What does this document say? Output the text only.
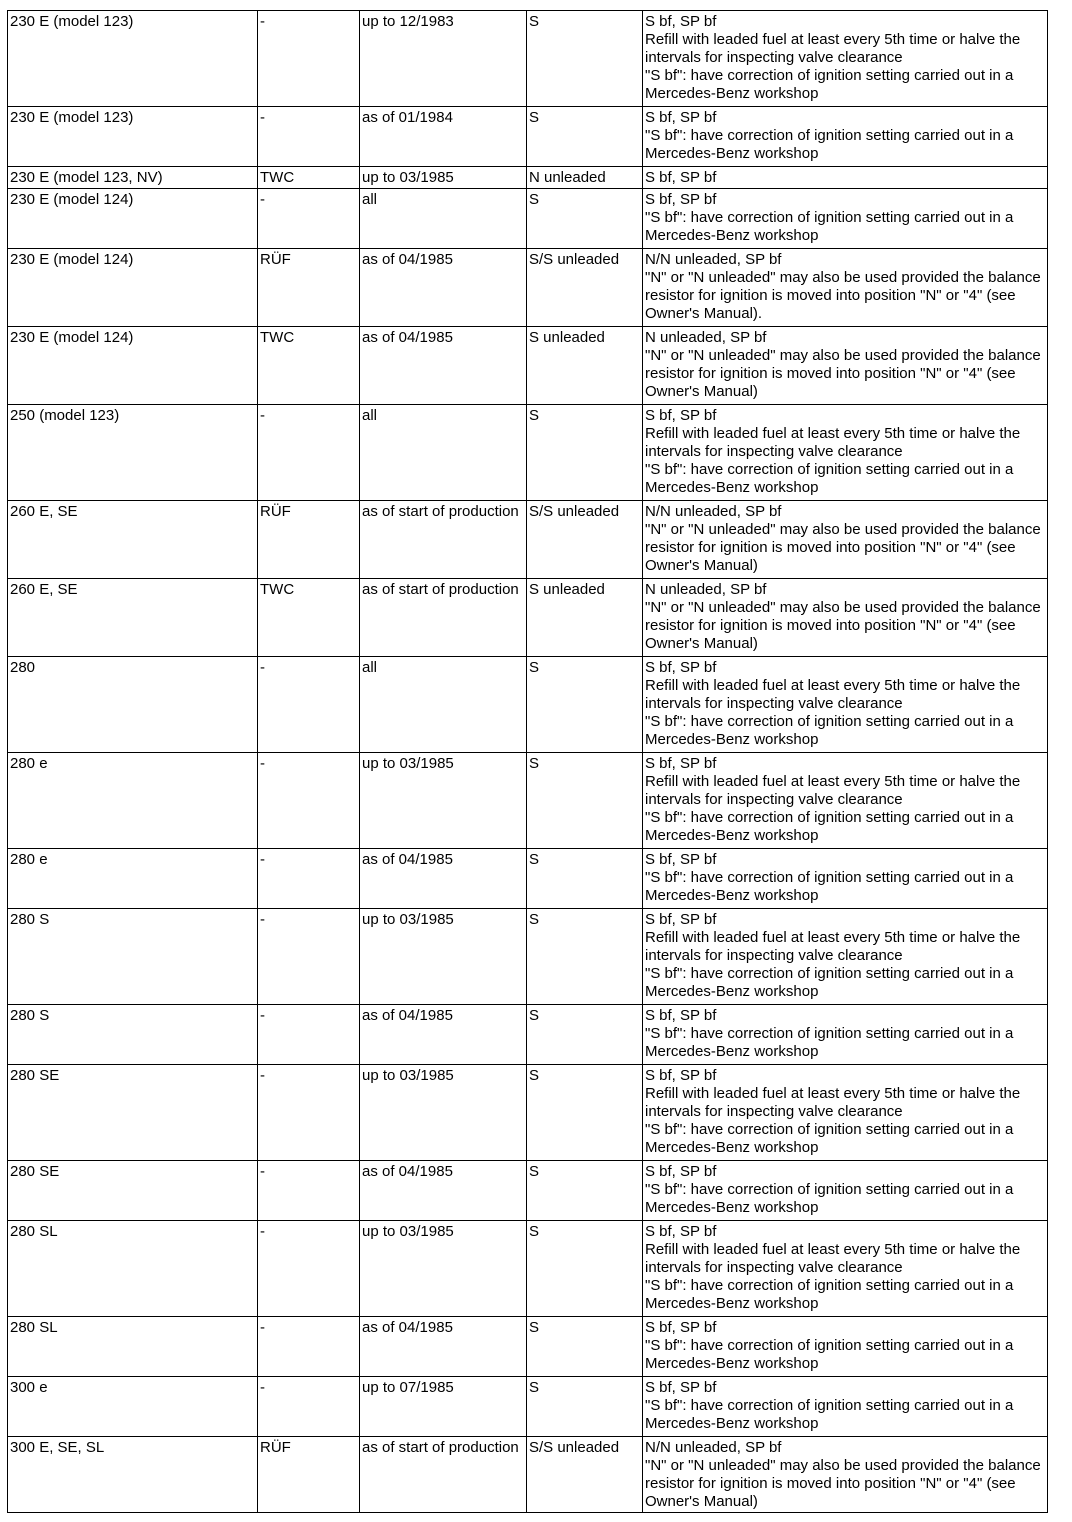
230 E (model 123)	-	up to 12/1983	S	S bf, SP bf
Refill with leaded fuel at least every 5th time or halve the intervals for inspecting valve clearance
"S bf": have correction of ignition setting carried out in a
Mercedes-Benz workshop
230 E (model 123)	-	as of 01/1984	S	S bf, SP bf
"S bf": have correction of ignition setting carried out in a
Mercedes-Benz workshop
230 E (model 123, NV)	TWC	up to 03/1985	N unleaded	S bf, SP bf
230 E (model 124)	-	all	S	S bf, SP bf
"S bf": have correction of ignition setting carried out in a
Mercedes-Benz workshop
230 E (model 124)	RÜF	as of 04/1985	S/S unleaded	N/N unleaded, SP bf
"N" or "N unleaded" may also be used provided the balance resistor for ignition is moved into position "N" or "4" (see Owner's Manual).
230 E (model 124)	TWC	as of 04/1985	S unleaded	N unleaded, SP bf
"N" or "N unleaded" may also be used provided the balance resistor for ignition is moved into position "N" or "4" (see Owner's Manual)
250 (model 123)	-	all	S	S bf, SP bf
Refill with leaded fuel at least every 5th time or halve the intervals for inspecting valve clearance
"S bf": have correction of ignition setting carried out in a
Mercedes-Benz workshop
260 E, SE	RÜF	as of start of production	S/S unleaded	N/N unleaded, SP bf
"N" or "N unleaded" may also be used provided the balance resistor for ignition is moved into position "N" or "4" (see Owner's Manual)
260 E, SE	TWC	as of start of production	S unleaded	N unleaded, SP bf
"N" or "N unleaded" may also be used provided the balance resistor for ignition is moved into position "N" or "4" (see Owner's Manual)
280	-	all	S	S bf, SP bf
Refill with leaded fuel at least every 5th time or halve the intervals for inspecting valve clearance
"S bf": have correction of ignition setting carried out in a
Mercedes-Benz workshop
280 e	-	up to 03/1985	S	S bf, SP bf
Refill with leaded fuel at least every 5th time or halve the intervals for inspecting valve clearance
"S bf": have correction of ignition setting carried out in a
Mercedes-Benz workshop
280 e	-	as of 04/1985	S	S bf, SP bf
"S bf": have correction of ignition setting carried out in a
Mercedes-Benz workshop
280 S	-	up to 03/1985	S	S bf, SP bf
Refill with leaded fuel at least every 5th time or halve the intervals for inspecting valve clearance
"S bf": have correction of ignition setting carried out in a
Mercedes-Benz workshop
280 S	-	as of 04/1985	S	S bf, SP bf
"S bf": have correction of ignition setting carried out in a
Mercedes-Benz workshop
280 SE	-	up to 03/1985	S	S bf, SP bf
Refill with leaded fuel at least every 5th time or halve the intervals for inspecting valve clearance
"S bf": have correction of ignition setting carried out in a
Mercedes-Benz workshop
280 SE	-	as of 04/1985	S	S bf, SP bf
"S bf": have correction of ignition setting carried out in a
Mercedes-Benz workshop
280 SL	-	up to 03/1985	S	S bf, SP bf
Refill with leaded fuel at least every 5th time or halve the intervals for inspecting valve clearance
"S bf": have correction of ignition setting carried out in a
Mercedes-Benz workshop
280 SL	-	as of 04/1985	S	S bf, SP bf
"S bf": have correction of ignition setting carried out in a
Mercedes-Benz workshop
300 e	-	up to 07/1985	S	S bf, SP bf
"S bf": have correction of ignition setting carried out in a
Mercedes-Benz workshop
300 E, SE, SL	RÜF	as of start of production	S/S unleaded	N/N unleaded, SP bf
"N" or "N unleaded" may also be used provided the balance resistor for ignition is moved into position "N" or "4" (see Owner's Manual)
